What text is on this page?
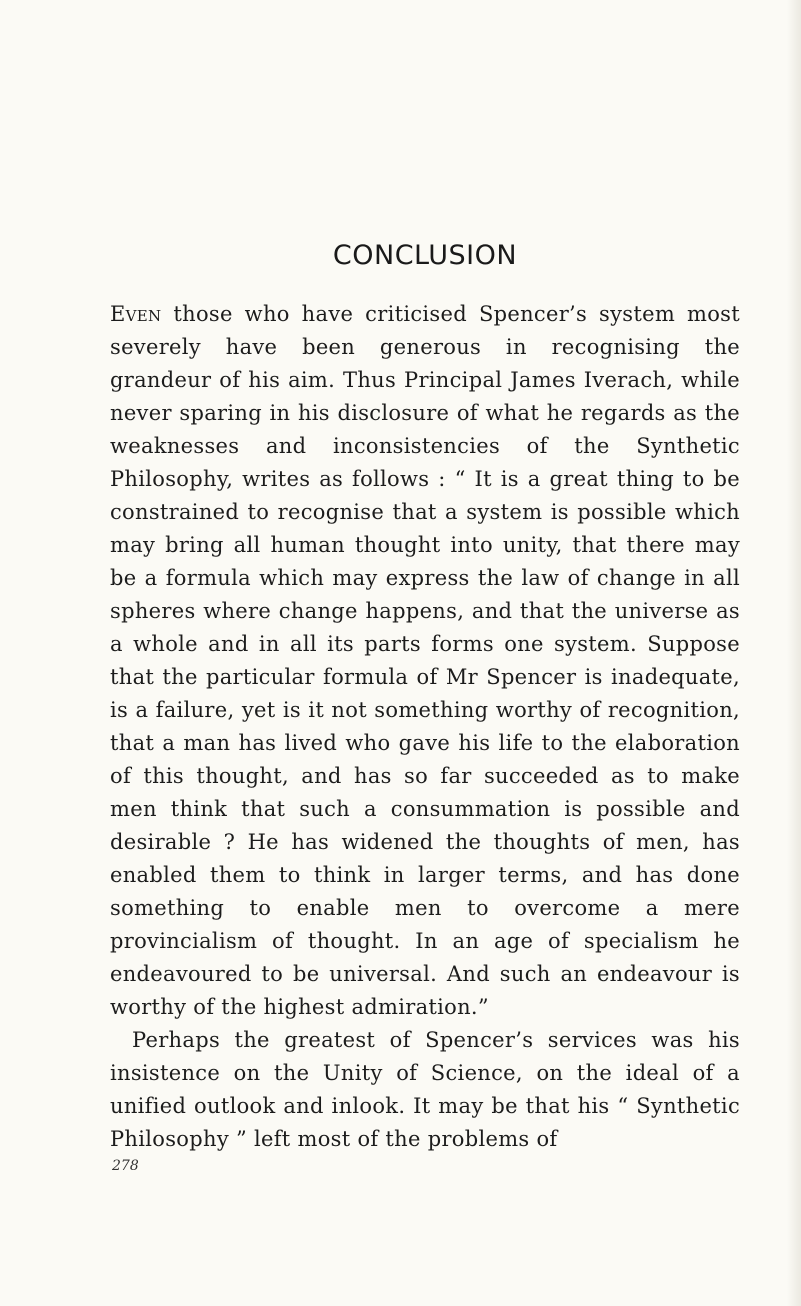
CONCLUSION

Even those who have criticised Spencer’s system most severely have been generous in recognising the grandeur of his aim. Thus Principal James Iverach, while never sparing in his disclosure of what he regards as the weaknesses and inconsistencies of the Synthetic Philosophy, writes as follows : “ It is a great thing to be constrained to recognise that a system is possible which may bring all human thought into unity, that there may be a formula which may express the law of change in all spheres where change happens, and that the universe as a whole and in all its parts forms one system. Suppose that the particular formula of Mr Spencer is inadequate, is a failure, yet is it not something worthy of recognition, that a man has lived who gave his life to the elaboration of this thought, and has so far succeeded as to make men think that such a consummation is possible and desirable ? He has widened the thoughts of men, has enabled them to think in larger terms, and has done something to enable men to overcome a mere provincialism of thought. In an age of specialism he endeavoured to be universal. And such an endeavour is worthy of the highest admiration.”

Perhaps the greatest of Spencer’s services was his insistence on the Unity of Science, on the ideal of a unified outlook and inlook. It may be that his “ Synthetic Philosophy ” left most of the problems of

278
